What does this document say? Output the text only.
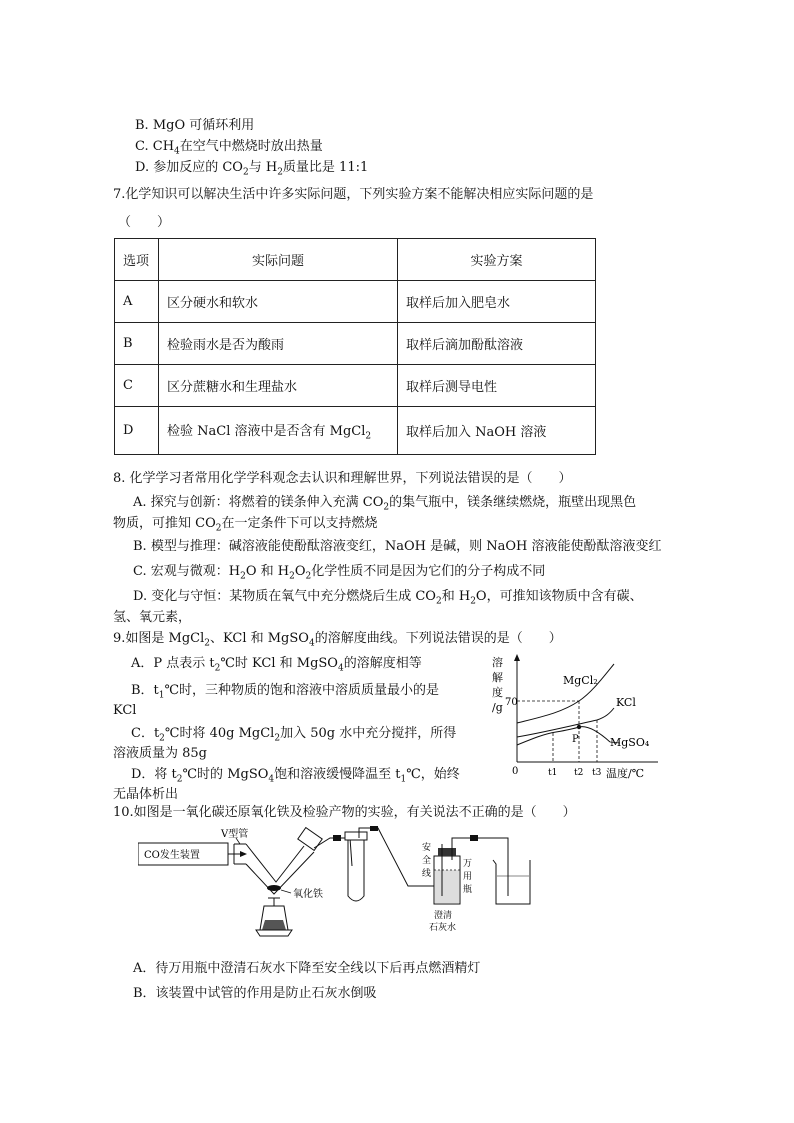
B. MgO 可循环利用
C. $CH_4$在空气中燃烧时放出热量
D. 参加反应的 $CO_2$与 $H_2$质量比是 11:1
7.化学知识可以解决生活中许多实际问题，下列实验方案不能解决相应实际问题的是
（　　）
选项	实际问题	实验方案
A	区分硬水和软水	取样后加入肥皂水
B	检验雨水是否为酸雨	取样后滴加酚酞溶液
C	区分蔗糖水和生理盐水	取样后测导电性
D	检验 NaCl 溶液中是否含有 MgCl$_2$	取样后加入 NaOH 溶液
8. 化学学习者常用化学学科观念去认识和理解世界，下列说法错误的是（　　）
A. 探究与创新：将燃着的镁条伸入充满 $CO_2$的集气瓶中，镁条继续燃烧，瓶壁出现黑色
物质，可推知 $CO_2$在一定条件下可以支持燃烧
B. 模型与推理：碱溶液能使酚酞溶液变红，NaOH 是碱，则 NaOH 溶液能使酚酞溶液变红
C. 宏观与微观：$H_2O$ 和 $H_2O_2$化学性质不同是因为它们的分子构成不同
D. 变化与守恒：某物质在氧气中充分燃烧后生成 $CO_2$和 $H_2O$，可推知该物质中含有碳、
氢、氧元素，
9.如图是 MgCl$_2$、KCl 和 MgSO$_4$的溶解度曲线。下列说法错误的是（　　）
A．P 点表示 $t_2℃$时 KCl 和 MgSO$_4$的溶解度相等
B．$t_1℃$时，三种物质的饱和溶液中溶质质量最小的是
KCl
C．$t_2℃$时将 40g MgCl$_2$加入 50g 水中充分搅拌，所得
溶液质量为 85g
D．将 $t_2℃$时的 MgSO$_4$饱和溶液缓慢降温至 $t_1℃$，始终
无晶体析出
溶
解
度
/g 70
0	t1 t2 t3 温度/℃
P
MgCl₂
KCl
MgSO₄
10.如图是一氧化碳还原氧化铁及检验产物的实验，有关说法不正确的是（　　）
CO发生装置
V型管
氧化铁
安
全
线
万
用
瓶
澄清
石灰水
A．待万用瓶中澄清石灰水下降至安全线以下后再点燃酒精灯
B．该装置中试管的作用是防止石灰水倒吸
